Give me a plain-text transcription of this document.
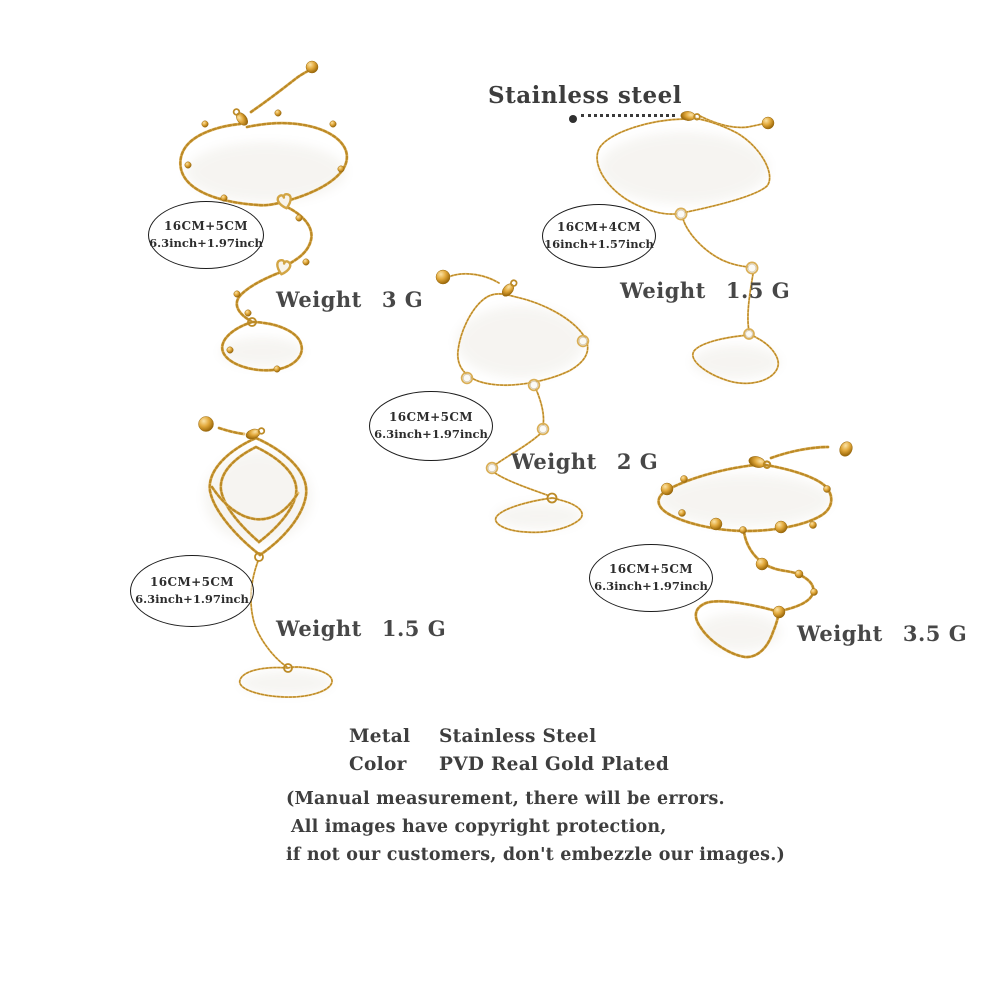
Stainless steel
16CM+5CM
6.3inch+1.97inch
16CM+4CM
16inch+1.57inch
16CM+5CM
6.3inch+1.97inch
16CM+5CM
6.3inch+1.97inch
16CM+5CM
6.3inch+1.97inch
Weight 3 G	Weight 1.5 G
Weight 2 G
Weight 1.5 G	Weight 3.5 G
Metal	Stainless Steel
Color	PVD Real Gold Plated
(Manual measurement, there will be errors.
All images have copyright protection,
if not our customers, don't embezzle our images.)
